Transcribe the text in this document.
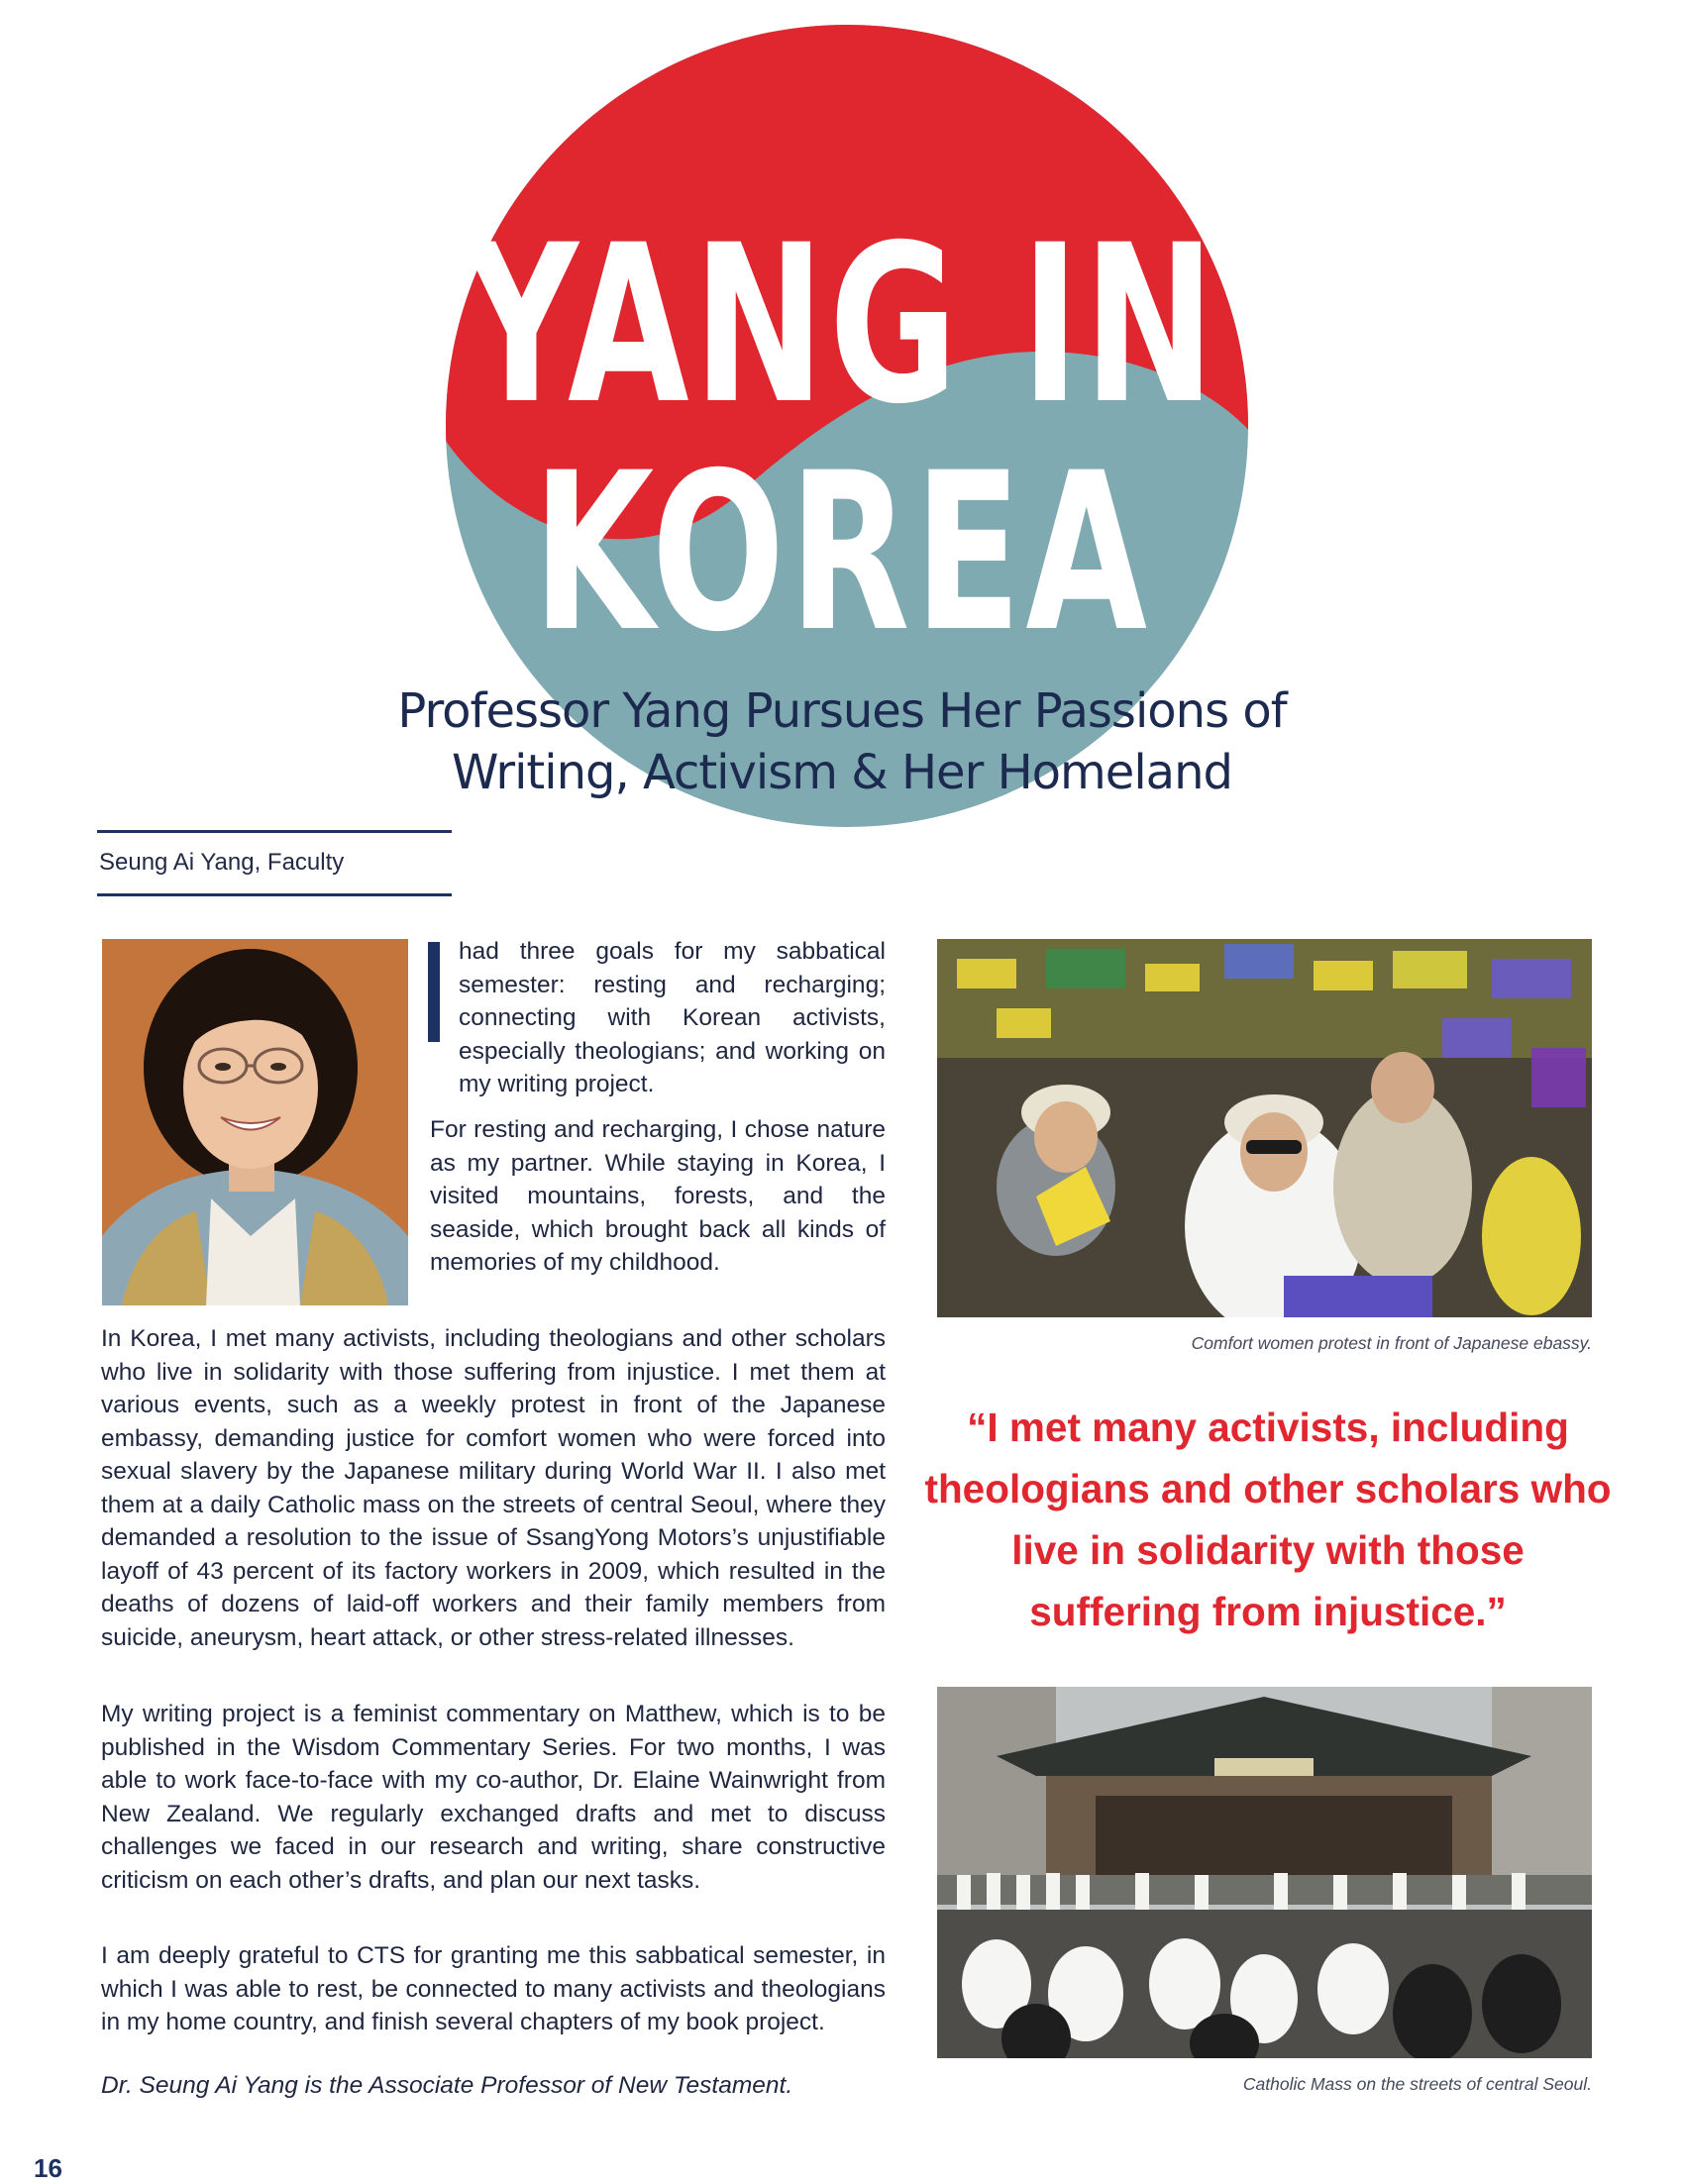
YANG IN
KOREA
Professor Yang Pursues Her Passions of
Writing, Activism & Her Homeland
Seung Ai Yang, Faculty

had three goals for my sabbatical semester: resting and recharging; connecting with Korean activists, especially theologians; and working on my writing project.

For resting and recharging, I chose nature as my partner. While staying in Korea, I visited mountains, forests, and the seaside, which brought back all kinds of memories of my childhood.

In Korea, I met many activists, including theologians and other scholars who live in solidarity with those suffering from injustice. I met them at various events, such as a weekly protest in front of the Japanese embassy, demanding justice for comfort women who were forced into sexual slavery by the Japanese military during World War II. I also met them at a daily Catholic mass on the streets of central Seoul, where they demanded a resolution to the issue of SsangYong Motors’s unjustifiable layoff of 43 percent of its factory workers in 2009, which resulted in the deaths of dozens of laid-off workers and their family members from suicide, aneurysm, heart attack, or other stress-related illnesses.

My writing project is a feminist commentary on Matthew, which is to be published in the Wisdom Commentary Series. For two months, I was able to work face-to-face with my co-author, Dr. Elaine Wainwright from New Zealand. We regularly exchanged drafts and met to discuss challenges we faced in our research and writing, share constructive criticism on each other’s drafts, and plan our next tasks.

I am deeply grateful to CTS for granting me this sabbatical semester, in which I was able to rest, be connected to many activists and theologians in my home country, and finish several chapters of my book project.

Dr. Seung Ai Yang is the Associate Professor of New Testament.
Comfort women protest in front of Japanese ebassy.

“I met many activists, including theologians and other scholars who live in solidarity with those suffering from injustice.”

Catholic Mass on the streets of central Seoul.
16
